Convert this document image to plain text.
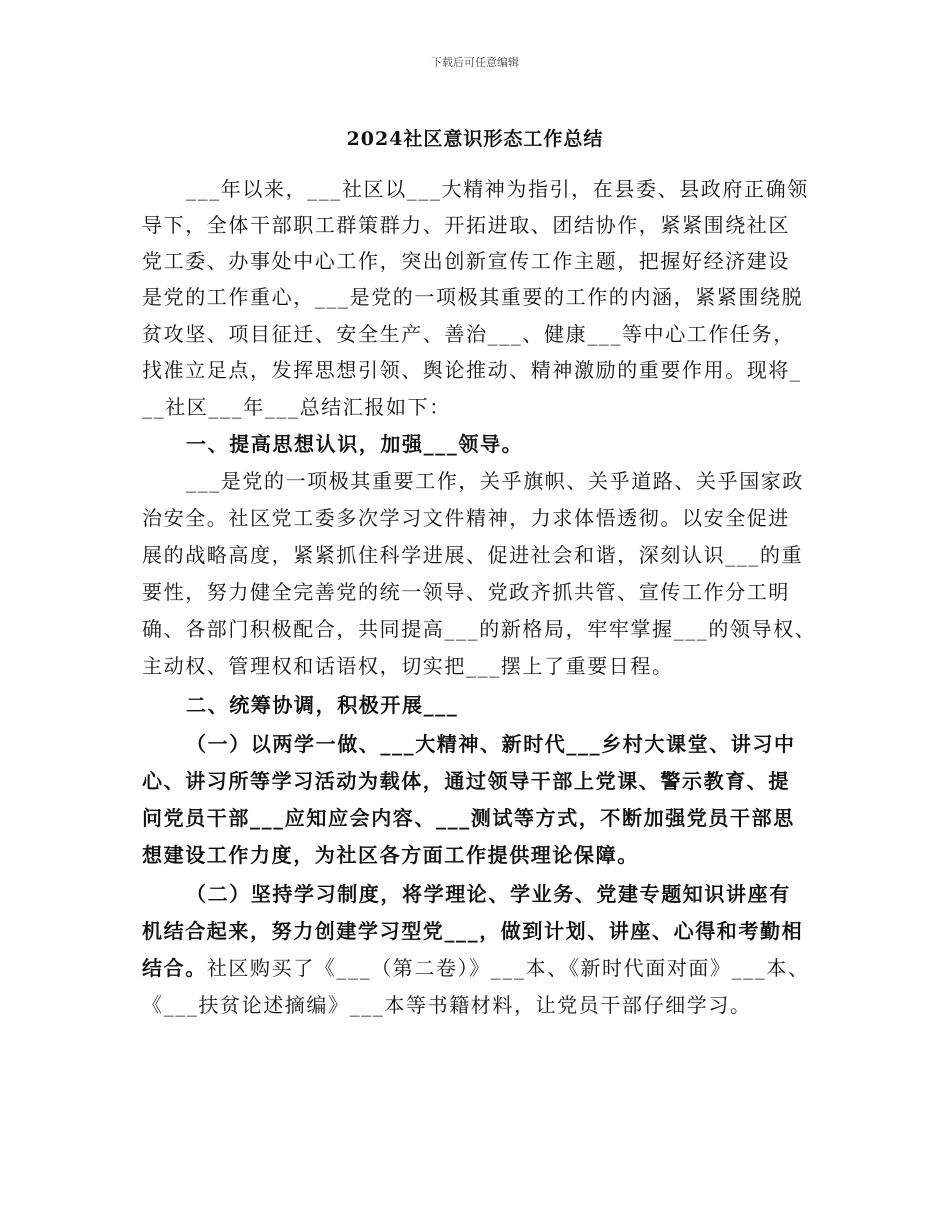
下载后可任意编辑
2024社区意识形态工作总结
___年以来，___社区以___大精神为指引，在县委、县政府正确领
导下，全体干部职工群策群力、开拓进取、团结协作，紧紧围绕社区
党工委、办事处中心工作，突出创新宣传工作主题，把握好经济建设
是党的工作重心，___是党的一项极其重要的工作的内涵，紧紧围绕脱
贫攻坚、项目征迁、安全生产、善治___、健康___等中心工作任务，
找准立足点，发挥思想引领、舆论推动、精神激励的重要作用。现将_
__社区___年___总结汇报如下：
一、提高思想认识，加强___领导。
___是党的一项极其重要工作，关乎旗帜、关乎道路、关乎国家政
治安全。社区党工委多次学习文件精神，力求体悟透彻。以安全促进
展的战略高度，紧紧抓住科学进展、促进社会和谐，深刻认识___的重
要性，努力健全完善党的统一领导、党政齐抓共管、宣传工作分工明
确、各部门积极配合，共同提高___的新格局，牢牢掌握___的领导权、
主动权、管理权和话语权，切实把___摆上了重要日程。
二、统筹协调，积极开展___
（一）以两学一做、___大精神、新时代___乡村大课堂、讲习中
心、讲习所等学习活动为载体，通过领导干部上党课、警示教育、提
问党员干部___应知应会内容、___测试等方式，不断加强党员干部思
想建设工作力度，为社区各方面工作提供理论保障。
（二）坚持学习制度，将学理论、学业务、党建专题知识讲座有
机结合起来，努力创建学习型党___，做到计划、讲座、心得和考勤相
结合。社区购买了《___（第二卷）》___本、《新时代面对面》___本、
《___扶贫论述摘编》___本等书籍材料，让党员干部仔细学习。
